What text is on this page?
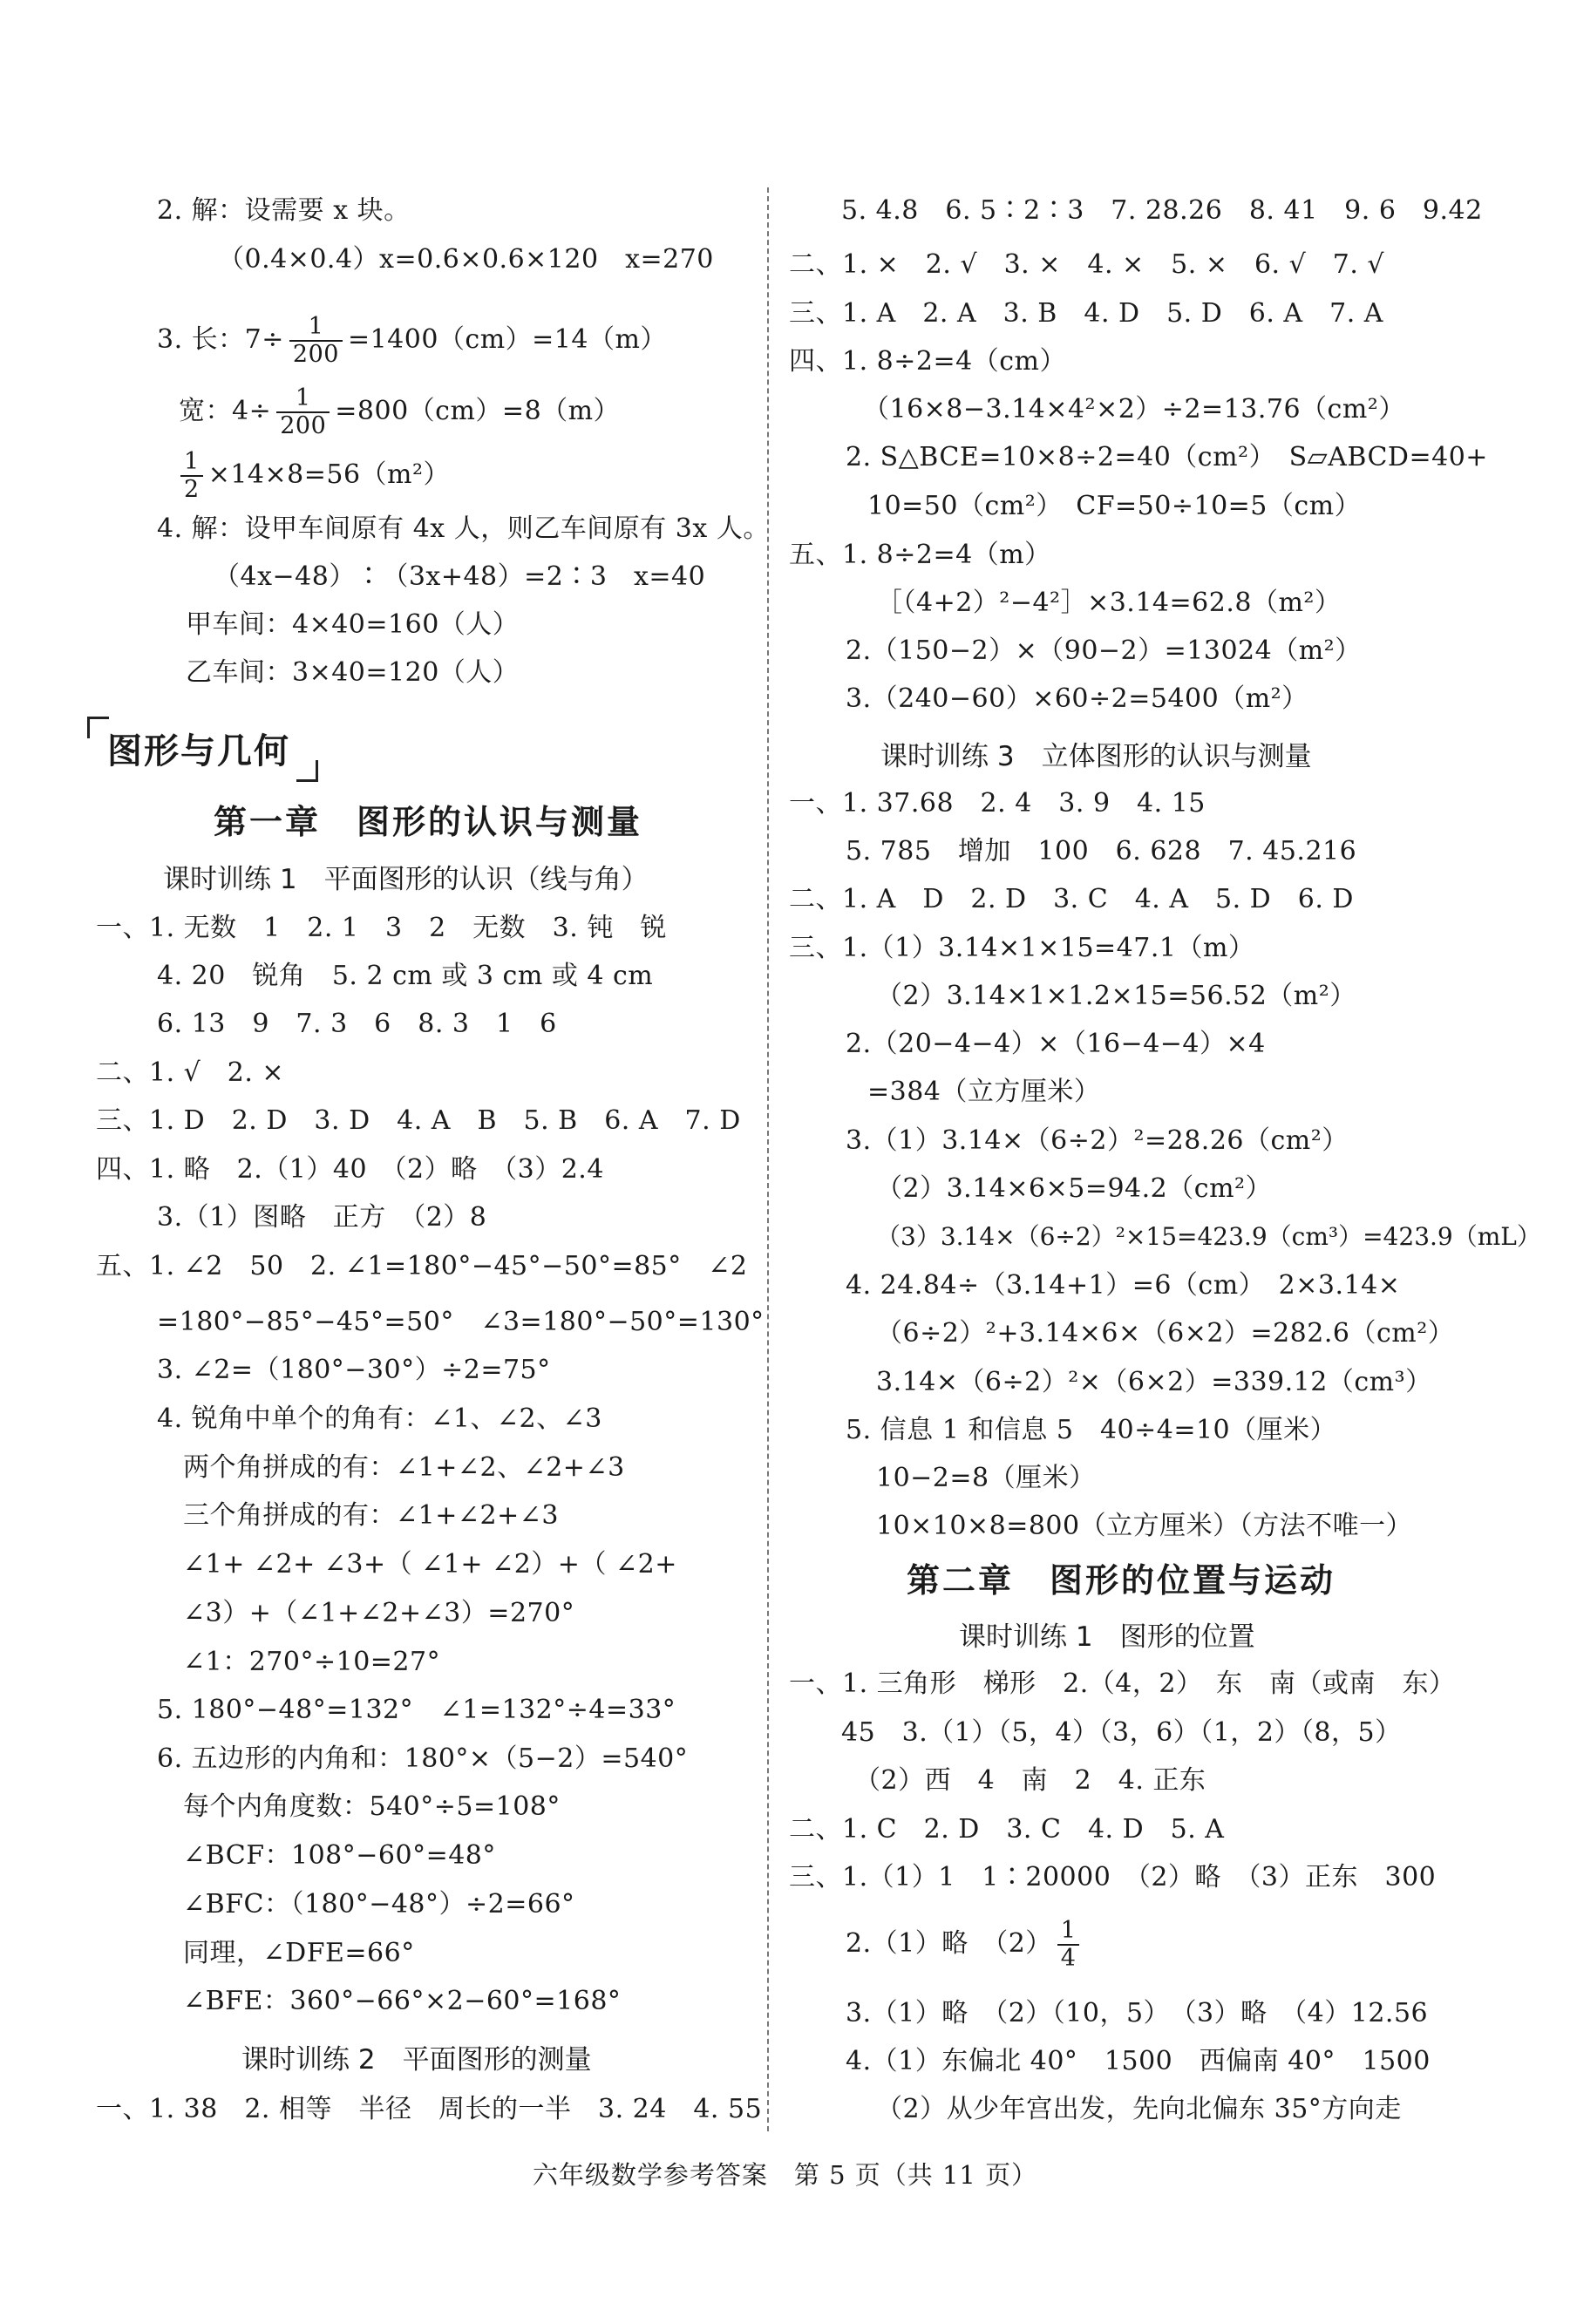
2. 解：设需要 x 块。
（0.4×0.4）x=0.6×0.6×120　x=270
3. 长：$7\div \frac{1}{200} =1400(cm)=14(m)$
宽：$4\div \frac{1}{200} =800(cm)=8(m)$
$\frac{1}{2} \times 14\times 8=56(m^2)$
4. 解：设甲车间原有 4x 人，则乙车间原有 3x 人。
（4x−48）∶（3x+48）=2∶3　x=40
甲车间：4×40=160（人）
乙车间：3×40=120（人）
图形与几何
第一章　图形的认识与测量
课时训练 1　平面图形的认识（线与角）
一、1. 无数　1　2. 1　3　2　无数　3. 钝　锐
4. 20　锐角　5. 2 cm 或 3 cm 或 4 cm
6. 13　9　7. 3　6　8. 3　1　6
二、1. √　2. ×
三、1. D　2. D　3. D　4. A　B　5. B　6. A　7. D
四、1. 略　2.（1）40　（2）略　（3）2.4
3.（1）图略　正方　（2）8
五、1. ∠2　50　2. ∠1=180°−45°−50°=85°　∠2
=180°−85°−45°=50°　∠3=180°−50°=130°
3. ∠2=（180°−30°）÷2=75°
4. 锐角中单个的角有：∠1、∠2、∠3
两个角拼成的有：∠1+∠2、∠2+∠3
三个角拼成的有：∠1+∠2+∠3
∠1+ ∠2+ ∠3+（ ∠1+ ∠2）+（ ∠2+
∠3）+（∠1+∠2+∠3）=270°
∠1：270°÷10=27°
5. 180°−48°=132°　∠1=132°÷4=33°
6. 五边形的内角和：180°×（5−2）=540°
每个内角度数：540°÷5=108°
∠BCF：108°−60°=48°
∠BFC：（180°−48°）÷2=66°
同理，∠DFE=66°
∠BFE：360°−66°×2−60°=168°
课时训练 2　平面图形的测量
一、1. 38　2. 相等　半径　周长的一半　3. 24　4. 55
5. 4.8　6. 5∶2∶3　7. 28.26　8. 41　9. 6　9.42
二、1. ×　2. √　3. ×　4. ×　5. ×　6. √　7. √
三、1. A　2. A　3. B　4. D　5. D　6. A　7. A
四、1. 8÷2=4（cm）
（16×8−3.14×4²×2）÷2=13.76（cm²）
2. S△BCE=10×8÷2=40（cm²）　S▱ABCD=40+
10=50（cm²）　CF=50÷10=5（cm）
五、1. 8÷2=4（m）
［（4+2）²−4²］×3.14=62.8（m²）
2.（150−2）×（90−2）=13024（m²）
3.（240−60）×60÷2=5400（m²）
课时训练 3　立体图形的认识与测量
一、1. 37.68　2. 4　3. 9　4. 15
5. 785　增加　100　6. 628　7. 45.216
二、1. A　D　2. D　3. C　4. A　5. D　6. D
三、1.（1）3.14×1×15=47.1（m）
（2）3.14×1×1.2×15=56.52（m²）
2.（20−4−4）×（16−4−4）×4
=384（立方厘米）
3.（1）3.14×（6÷2）²=28.26（cm²）
（2）3.14×6×5=94.2（cm²）
（3）3.14×（6÷2）²×15=423.9（cm³）=423.9（mL）
4. 24.84÷（3.14+1）=6（cm）　2×3.14×
（6÷2）²+3.14×6×（6×2）=282.6（cm²）
3.14×（6÷2）²×（6×2）=339.12（cm³）
5. 信息 1 和信息 5　40÷4=10（厘米）
10−2=8（厘米）
10×10×8=800（立方厘米）（方法不唯一）
第二章　图形的位置与运动
课时训练 1　图形的位置
一、1. 三角形　梯形　2.（4，2）　东　南（或南　东）
45　3.（1）（5，4）（3，6）（1，2）（8，5）
（2）西　4　南　2　4. 正东
二、1. C　2. D　3. C　4. D　5. A
三、1.（1）1　1∶20000　（2）略　（3）正东　300
2.（1）略　$(2) \frac{1}{4}$
3.（1）略　（2）（10，5）　（3）略　（4）12.56
4.（1）东偏北 40°　1500　西偏南 40°　1500
（2）从少年宫出发，先向北偏东 35°方向走
六年级数学参考答案　第 5 页（共 11 页）
